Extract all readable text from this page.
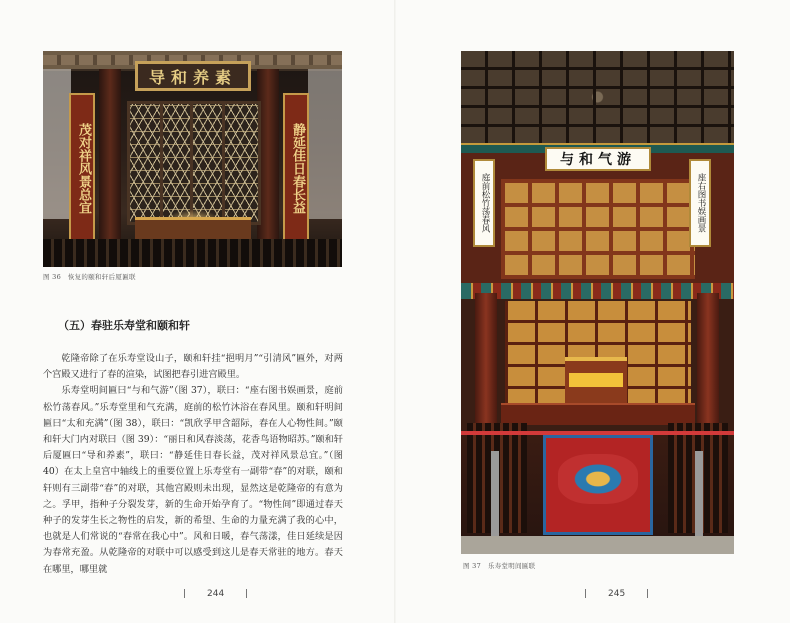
导和养素
茂对祥风景总宜	静延佳日春长益
图 36　恢复的颐和轩后厦匾联
（五）春驻乐寿堂和颐和轩

乾隆帝除了在乐寿堂设山子，颐和轩挂“挹明月”“引清风”匾外，对两个宫殿又进行了春的渲染，试图把春引进宫殿里。

乐寿堂明间匾曰“与和气游”（图 37），联曰：“座右图书娱画景，庭前松竹荡春风。”乐寿堂里和气充满，庭前的松竹沐浴在春风里。颐和轩明间匾曰“太和充满”（图 38），联曰：“凯欣孚甲含韶际，春在人心物性间。”颐和轩大门内对联曰（图 39）：“丽日和风春淡荡，花香鸟语物昭苏。”颐和轩后厦匾曰“导和养素”，联曰：“静延佳日春长益，茂对祥风景总宜。”（图 40）在太上皇宫中轴线上的重要位置上乐寿堂有一副带“春”的对联，颐和轩则有三副带“春”的对联，其他宫殿则未出现，显然这是乾隆帝的有意为之。孚甲，指种子分裂发芽，新的生命开始孕育了。“物性间”即通过春天种子的发芽生长之物性的启发，新的希望、生命的力量充满了我的心中，也就是人们常说的“春常在我心中”。风和日暖，春气荡漾，佳日延续是因为春常充盈。从乾隆帝的对联中可以感受到这儿是春天常驻的地方。春天在哪里，哪里就

244
与和气游
庭前松竹荡春风	座右图书娱画景
图 37　乐寿堂明间匾联
245
